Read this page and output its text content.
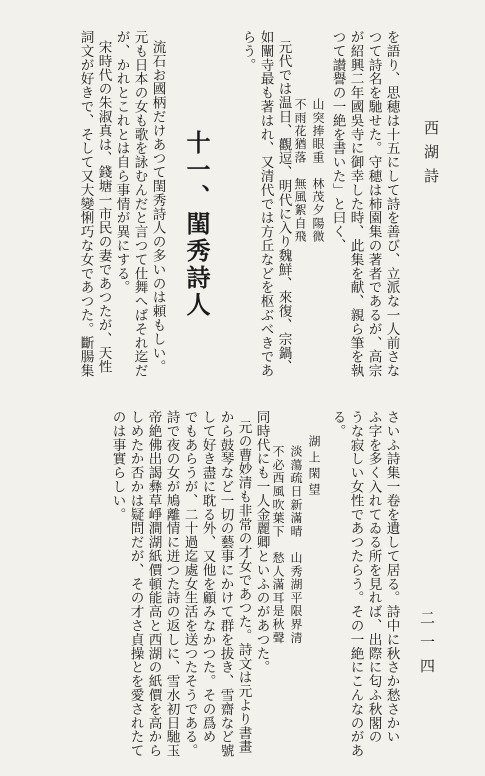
西湖詩
二一四
を語り、思穂は十五にして詩を善び、立派な一人前さな
つて詩名を馳せた。守穂は柿園集の著者であるが、高宗
が紹興二年國吳寺に御幸した時、此集を献、親ら筆を執
つて讃譽の一絶を書いた」と曰く、
山突捧眼重　林茂夕陽微
不雨花猶落　無風絮自飛
元代では温日、觀逗、明代に入り魏鮮、來復、宗鍋、
如闡寺最も著はれ、又清代では方丘などを枢ぶべきであ
らう。
十一、閨秀詩人
流石お國柄だけあつて閨秀詩人の多いのは頼もしい。
元も日本の女も歌を詠むんだと言つて仕舞へばそれ迄だ
が、かれとこれとは自ら事情が異にする。
宋時代の朱淑真は、錢塘一市民の妻であつたが、天性
詞文が好きで、そして又大變悧巧な女であつた。斷腸集
さいふ詩集一卷を遺して居る。詩中に秋さか愁さかい
ふ字を多く入れてゐる所を見れば、出際に匂ふ秋閣の
うな寂しい女性であつたらう。その一絶にこんなのがあ
る。
湖上閑望
淡蕩疏日新滿晴　山秀湖平限界清
不必西風吹葉下　愁人滿耳是秋聲
同時代にも一人金麗卿といふのがあつた。
元の曹妙清も非常の才女であつた。詩文は元より書畫
から鼓琴など一切の藝事にかけて群を拔き、雪齋など號
して好き盡に耽る外、又他を顧みなかつた。その爲め
でもあらうが、二十過迄處女生活を送つたそうである。
詩で夜の女が鳩離情に迸つた詩の返しに、雪水初日馳玉
帝絶佛出謁彝草崢澗湖紙價頓能高と西湖の紙價を高から
しめたか否かは疑問だが、その才さ貞操とを愛されたて
のは事實らしい。
